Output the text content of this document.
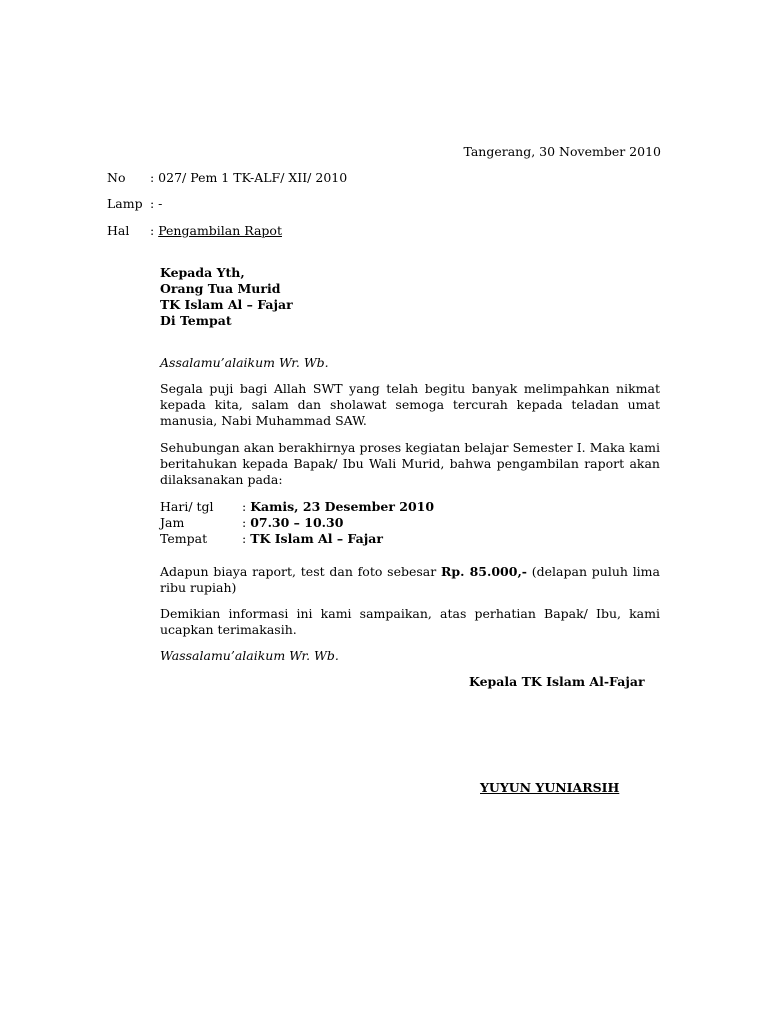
Tangerang, 30 November 2010
No : 027/ Pem 1 TK-ALF/ XII/ 2010
Lamp : -
Hal : Pengambilan Rapot
Kepada Yth,
Orang Tua Murid
TK Islam Al – Fajar
Di Tempat
Assalamu’alaikum Wr. Wb.

Segala puji bagi Allah SWT yang telah begitu banyak melimpahkan nikmat kepada kita, salam dan sholawat semoga tercurah kepada teladan umat manusia, Nabi Muhammad SAW.

Sehubungan akan berakhirnya proses kegiatan belajar Semester I. Maka kami beritahukan kepada Bapak/ Ibu Wali Murid, bahwa pengambilan raport akan dilaksanakan pada:

Hari/ tgl : Kamis, 23 Desember 2010
Jam	: 07.30 – 10.30
Tempat	: TK Islam Al – Fajar

Adapun biaya raport, test dan foto sebesar Rp. 85.000,- (delapan puluh lima ribu rupiah)

Demikian informasi ini kami sampaikan, atas perhatian Bapak/ Ibu, kami ucapkan terimakasih.

Wassalamu’alaikum Wr. Wb.
Kepala TK Islam Al-Fajar
YUYUN YUNIARSIH
